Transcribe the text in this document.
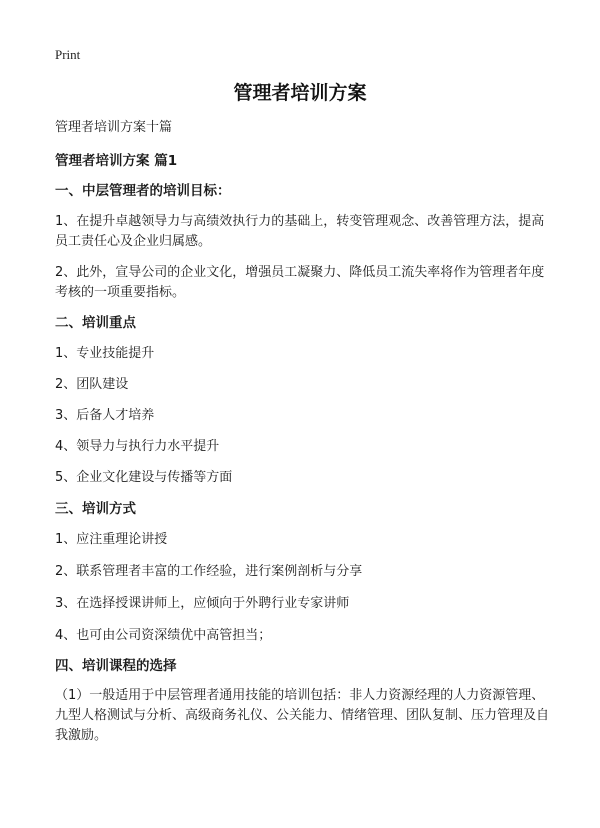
Print
管理者培训方案
管理者培训方案十篇
管理者培训方案 篇1
一、中层管理者的培训目标：
1、在提升卓越领导力与高绩效执行力的基础上，转变管理观念、改善管理方法，提高员工责任心及企业归属感。
2、此外，宣导公司的企业文化，增强员工凝聚力、降低员工流失率将作为管理者年度考核的一项重要指标。
二、培训重点
1、专业技能提升
2、团队建设
3、后备人才培养
4、领导力与执行力水平提升
5、企业文化建设与传播等方面
三、培训方式
1、应注重理论讲授
2、联系管理者丰富的工作经验，进行案例剖析与分享
3、在选择授课讲师上，应倾向于外聘行业专家讲师
4、也可由公司资深绩优中高管担当；
四、培训课程的选择
（1）一般适用于中层管理者通用技能的培训包括：非人力资源经理的人力资源管理、九型人格测试与分析、高级商务礼仪、公关能力、情绪管理、团队复制、压力管理及自我激励。
